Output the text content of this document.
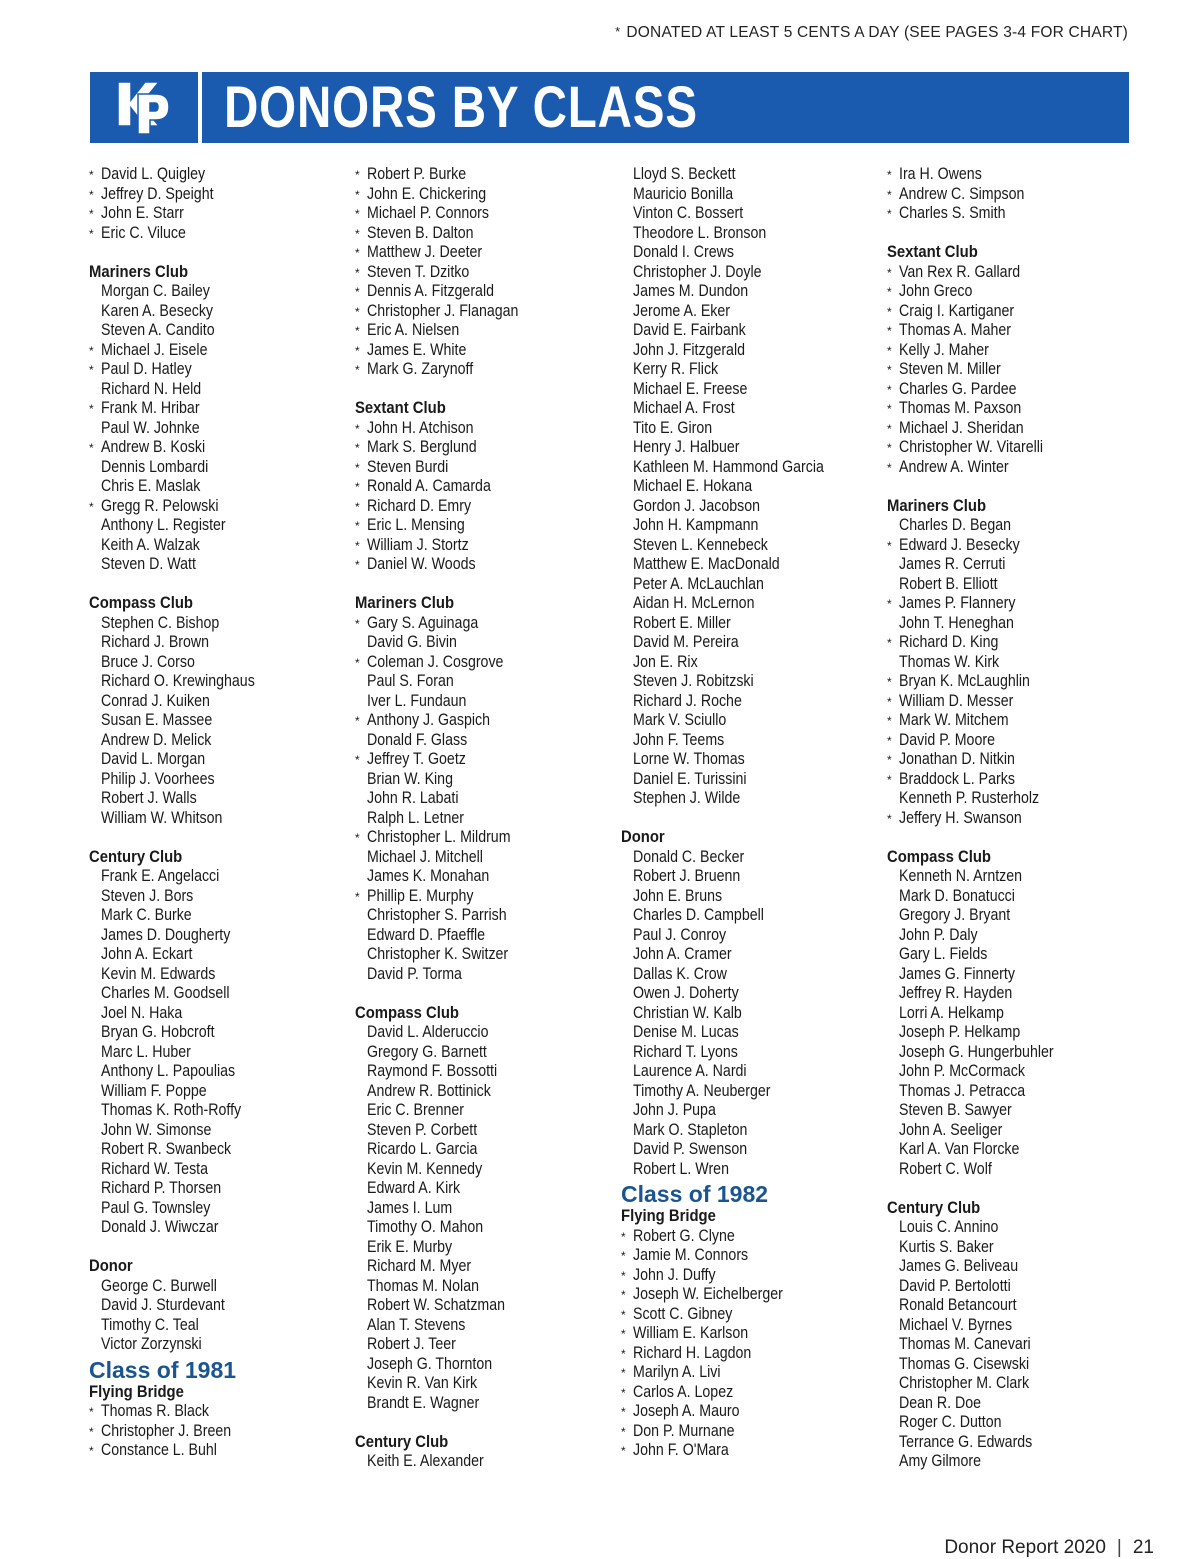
* DONATED AT LEAST 5 CENTS A DAY (SEE PAGES 3-4 FOR CHART)
DONORS BY CLASS
* David L. Quigley
* Jeffrey D. Speight
* John E. Starr
* Eric C. Viluce
Mariners Club
Morgan C. Bailey
Karen A. Besecky
Steven A. Candito
* Michael J. Eisele
* Paul D. Hatley
Richard N. Held
* Frank M. Hribar
Paul W. Johnke
* Andrew B. Koski
Dennis Lombardi
Chris E. Maslak
* Gregg R. Pelowski
Anthony L. Register
Keith A. Walzak
Steven D. Watt
Compass Club
Stephen C. Bishop
Richard J. Brown
Bruce J. Corso
Richard O. Krewinghaus
Conrad J. Kuiken
Susan E. Massee
Andrew D. Melick
David L. Morgan
Philip J. Voorhees
Robert J. Walls
William W. Whitson
Century Club
Frank E. Angelacci
Steven J. Bors
Mark C. Burke
James D. Dougherty
John A. Eckart
Kevin M. Edwards
Charles M. Goodsell
Joel N. Haka
Bryan G. Hobcroft
Marc L. Huber
Anthony L. Papoulias
William F. Poppe
Thomas K. Roth-Roffy
John W. Simonse
Robert R. Swanbeck
Richard W. Testa
Richard P. Thorsen
Paul G. Townsley
Donald J. Wiwczar
Donor
George C. Burwell
David J. Sturdevant
Timothy C. Teal
Victor Zorzynski
Class of 1981
Flying Bridge
* Thomas R. Black
* Christopher J. Breen
* Constance L. Buhl
* Robert P. Burke
* John E. Chickering
* Michael P. Connors
* Steven B. Dalton
* Matthew J. Deeter
* Steven T. Dzitko
* Dennis A. Fitzgerald
* Christopher J. Flanagan
* Eric A. Nielsen
* James E. White
* Mark G. Zarynoff
Sextant Club
* John H. Atchison
* Mark S. Berglund
* Steven Burdi
* Ronald A. Camarda
* Richard D. Emry
* Eric L. Mensing
* William J. Stortz
* Daniel W. Woods
Mariners Club
* Gary S. Aguinaga
David G. Bivin
* Coleman J. Cosgrove
Paul S. Foran
Iver L. Fundaun
* Anthony J. Gaspich
Donald F. Glass
* Jeffrey T. Goetz
Brian W. King
John R. Labati
Ralph L. Letner
* Christopher L. Mildrum
Michael J. Mitchell
James K. Monahan
* Phillip E. Murphy
Christopher S. Parrish
Edward D. Pfaeffle
Christopher K. Switzer
David P. Torma
Compass Club
David L. Alderuccio
Gregory G. Barnett
Raymond F. Bossotti
Andrew R. Bottinick
Eric C. Brenner
Steven P. Corbett
Ricardo L. Garcia
Kevin M. Kennedy
Edward A. Kirk
James I. Lum
Timothy O. Mahon
Erik E. Murby
Richard M. Myer
Thomas M. Nolan
Robert W. Schatzman
Alan T. Stevens
Robert J. Teer
Joseph G. Thornton
Kevin R. Van Kirk
Brandt E. Wagner
Century Club
Keith E. Alexander
Lloyd S. Beckett
Mauricio Bonilla
Vinton C. Bossert
Theodore L. Bronson
Donald I. Crews
Christopher J. Doyle
James M. Dundon
Jerome A. Eker
David E. Fairbank
John J. Fitzgerald
Kerry R. Flick
Michael E. Freese
Michael A. Frost
Tito E. Giron
Henry J. Halbuer
Kathleen M. Hammond Garcia
Michael E. Hokana
Gordon J. Jacobson
John H. Kampmann
Steven L. Kennebeck
Matthew E. MacDonald
Peter A. McLauchlan
Aidan H. McLernon
Robert E. Miller
David M. Pereira
Jon E. Rix
Steven J. Robitzski
Richard J. Roche
Mark V. Sciullo
John F. Teems
Lorne W. Thomas
Daniel E. Turissini
Stephen J. Wilde
Donor
Donald C. Becker
Robert J. Bruenn
John E. Bruns
Charles D. Campbell
Paul J. Conroy
John A. Cramer
Dallas K. Crow
Owen J. Doherty
Christian W. Kalb
Denise M. Lucas
Richard T. Lyons
Laurence A. Nardi
Timothy A. Neuberger
John J. Pupa
Mark O. Stapleton
David P. Swenson
Robert L. Wren
Class of 1982
Flying Bridge
* Robert G. Clyne
* Jamie M. Connors
* John J. Duffy
* Joseph W. Eichelberger
* Scott C. Gibney
* William E. Karlson
* Richard H. Lagdon
* Marilyn A. Livi
* Carlos A. Lopez
* Joseph A. Mauro
* Don P. Murnane
* John F. O'Mara
* Ira H. Owens
* Andrew C. Simpson
* Charles S. Smith
Sextant Club
* Van Rex R. Gallard
* John Greco
* Craig I. Kartiganer
* Thomas A. Maher
* Kelly J. Maher
* Steven M. Miller
* Charles G. Pardee
* Thomas M. Paxson
* Michael J. Sheridan
* Christopher W. Vitarelli
* Andrew A. Winter
Mariners Club
Charles D. Began
* Edward J. Besecky
James R. Cerruti
Robert B. Elliott
* James P. Flannery
John T. Heneghan
* Richard D. King
Thomas W. Kirk
* Bryan K. McLaughlin
* William D. Messer
* Mark W. Mitchem
* David P. Moore
* Jonathan D. Nitkin
* Braddock L. Parks
Kenneth P. Rusterholz
* Jeffery H. Swanson
Compass Club
Kenneth N. Arntzen
Mark D. Bonatucci
Gregory J. Bryant
John P. Daly
Gary L. Fields
James G. Finnerty
Jeffrey R. Hayden
Lorri A. Helkamp
Joseph P. Helkamp
Joseph G. Hungerbuhler
John P. McCormack
Thomas J. Petracca
Steven B. Sawyer
John A. Seeliger
Karl A. Van Florcke
Robert C. Wolf
Century Club
Louis C. Annino
Kurtis S. Baker
James G. Beliveau
David P. Bertolotti
Ronald Betancourt
Michael V. Byrnes
Thomas M. Canevari
Thomas G. Cisewski
Christopher M. Clark
Dean R. Doe
Roger C. Dutton
Terrance G. Edwards
Amy Gilmore
Donor Report 2020 | 21
